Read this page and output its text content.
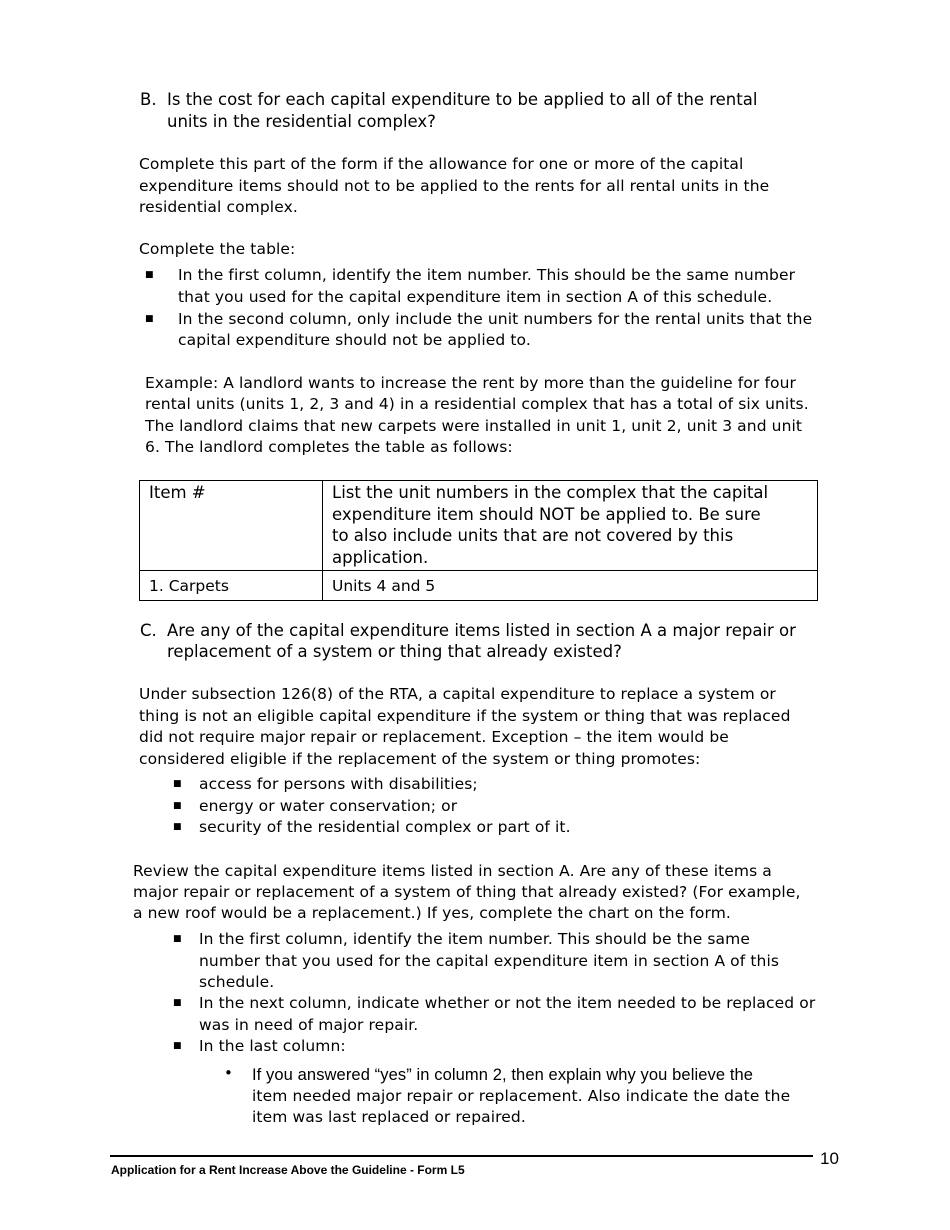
B. Is the cost for each capital expenditure to be applied to all of the rental
units in the residential complex?
Complete this part of the form if the allowance for one or more of the capital
expenditure items should not to be applied to the rents for all rental units in the
residential complex.
Complete the table:
■ In the first column, identify the item number. This should be the same number
that you used for the capital expenditure item in section A of this schedule.
■ In the second column, only include the unit numbers for the rental units that the
capital expenditure should not be applied to.
Example: A landlord wants to increase the rent by more than the guideline for four
rental units (units 1, 2, 3 and 4) in a residential complex that has a total of six units.
The landlord claims that new carpets were installed in unit 1, unit 2, unit 3 and unit
6. The landlord completes the table as follows:
Item #	List the unit numbers in the complex that the capital
expenditure item should NOT be applied to. Be sure
to also include units that are not covered by this
application.

1. Carpets	Units 4 and 5
C. Are any of the capital expenditure items listed in section A a major repair or
replacement of a system or thing that already existed?
Under subsection 126(8) of the RTA, a capital expenditure to replace a system or
thing is not an eligible capital expenditure if the system or thing that was replaced
did not require major repair or replacement. Exception – the item would be
considered eligible if the replacement of the system or thing promotes:
■ access for persons with disabilities;
■ energy or water conservation; or
■ security of the residential complex or part of it.
Review the capital expenditure items listed in section A. Are any of these items a
major repair or replacement of a system of thing that already existed? (For example,
a new roof would be a replacement.) If yes, complete the chart on the form.
■ In the first column, identify the item number. This should be the same
number that you used for the capital expenditure item in section A of this
schedule.
■ In the next column, indicate whether or not the item needed to be replaced or
was in need of major repair.
■ In the last column:
• If you answered “yes” in column 2, then explain why you believe the
item needed major repair or replacement. Also indicate the date the
item was last replaced or repaired.
10
Application for a Rent Increase Above the Guideline - Form L5
